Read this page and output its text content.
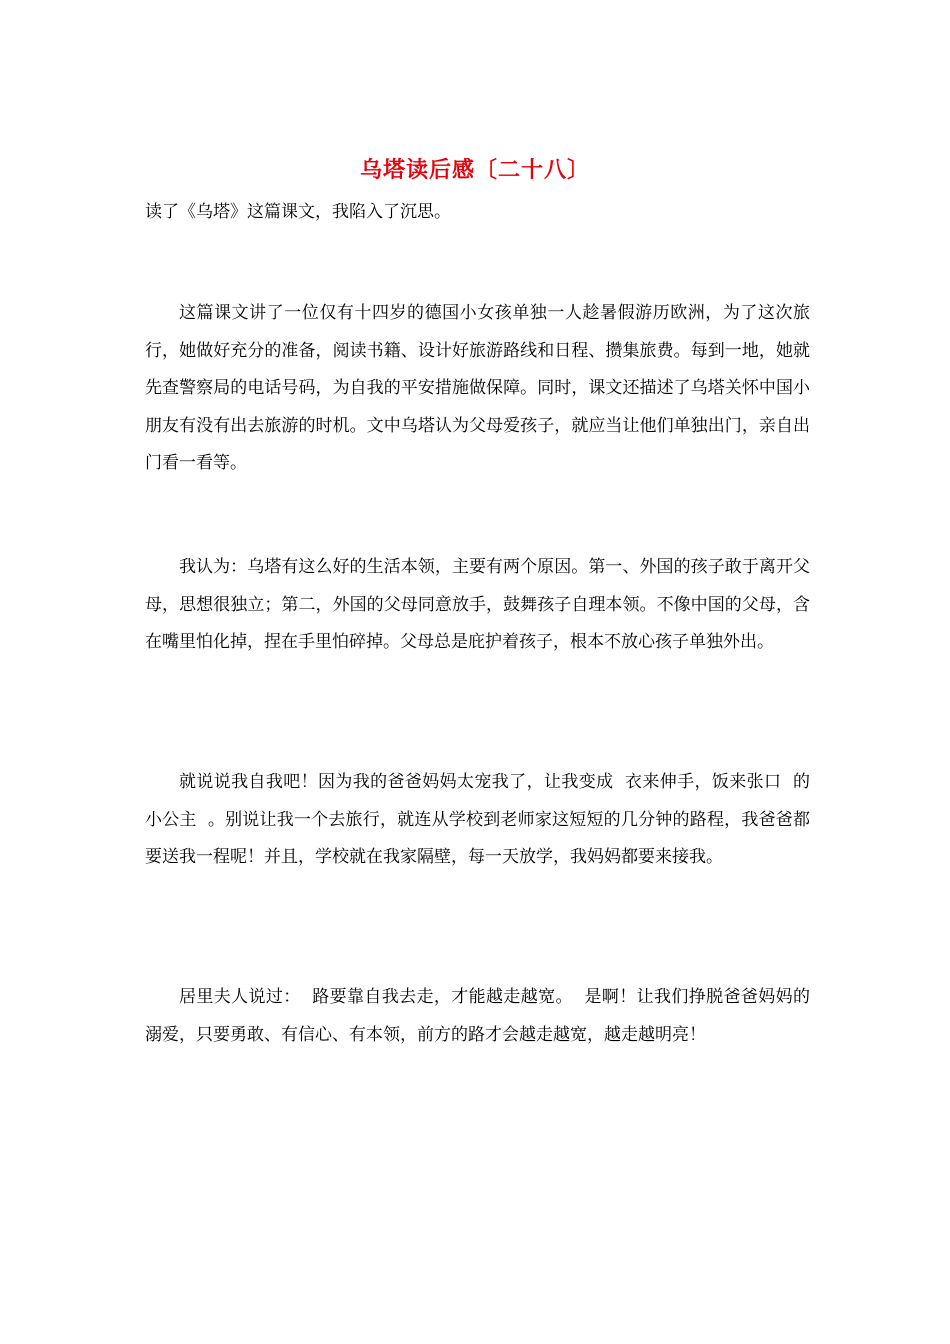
乌塔读后感〔二十八〕

读了《乌塔》这篇课文，我陷入了沉思。

这篇课文讲了一位仅有十四岁的德国小女孩单独一人趁暑假游历欧洲，为了这次旅行，她做好充分的准备，阅读书籍、设计好旅游路线和日程、攒集旅费。每到一地，她就先查警察局的电话号码，为自我的平安措施做保障。同时，课文还描述了乌塔关怀中国小朋友有没有出去旅游的时机。文中乌塔认为父母爱孩子，就应当让他们单独出门，亲自出门看一看等。

我认为：乌塔有这么好的生活本领，主要有两个原因。第一、外国的孩子敢于离开父母，思想很独立；第二，外国的父母同意放手，鼓舞孩子自理本领。不像中国的父母，含在嘴里怕化掉，捏在手里怕碎掉。父母总是庇护着孩子，根本不放心孩子单独外出。

就说说我自我吧！因为我的爸爸妈妈太宠我了，让我变成  衣来伸手，饭来张口  的  小公主  。别说让我一个去旅行，就连从学校到老师家这短短的几分钟的路程，我爸爸都要送我一程呢！并且，学校就在我家隔壁，每一天放学，我妈妈都要来接我。

居里夫人说过：  路要靠自我去走，才能越走越宽。  是啊！让我们挣脱爸爸妈妈的溺爱，只要勇敢、有信心、有本领，前方的路才会越走越宽，越走越明亮！
